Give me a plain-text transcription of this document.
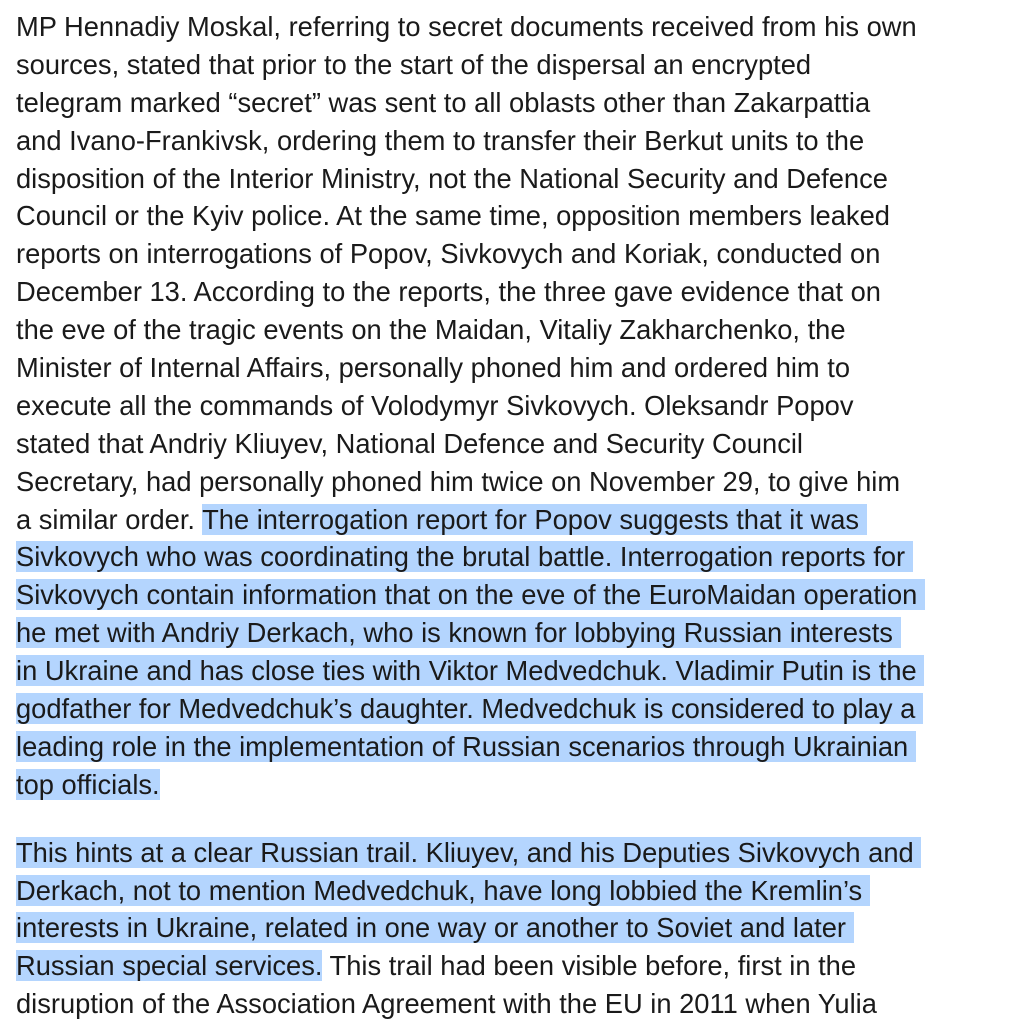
MP Hennadiy Moskal, referring to secret documents received from his own
sources, stated that prior to the start of the dispersal an encrypted
telegram marked “secret” was sent to all oblasts other than Zakarpattia
and Ivano-Frankivsk, ordering them to transfer their Berkut units to the
disposition of the Interior Ministry, not the National Security and Defence
Council or the Kyiv police. At the same time, opposition members leaked
reports on interrogations of Popov, Sivkovych and Koriak, conducted on
December 13. According to the reports, the three gave evidence that on
the eve of the tragic events on the Maidan, Vitaliy Zakharchenko, the
Minister of Internal Affairs, personally phoned him and ordered him to
execute all the commands of Volodymyr Sivkovych. Oleksandr Popov
stated that Andriy Kliuyev, National Defence and Security Council
Secretary, had personally phoned him twice on November 29, to give him
a similar order. The interrogation report for Popov suggests that it was
Sivkovych who was coordinating the brutal battle. Interrogation reports for
Sivkovych contain information that on the eve of the EuroMaidan operation
he met with Andriy Derkach, who is known for lobbying Russian interests
in Ukraine and has close ties with Viktor Medvedchuk. Vladimir Putin is the
godfather for Medvedchuk’s daughter. Medvedchuk is considered to play a
leading role in the implementation of Russian scenarios through Ukrainian
top officials.
This hints at a clear Russian trail. Kliuyev, and his Deputies Sivkovych and
Derkach, not to mention Medvedchuk, have long lobbied the Kremlin’s
interests in Ukraine, related in one way or another to Soviet and later
Russian special services. This trail had been visible before, first in the
disruption of the Association Agreement with the EU in 2011 when Yulia
